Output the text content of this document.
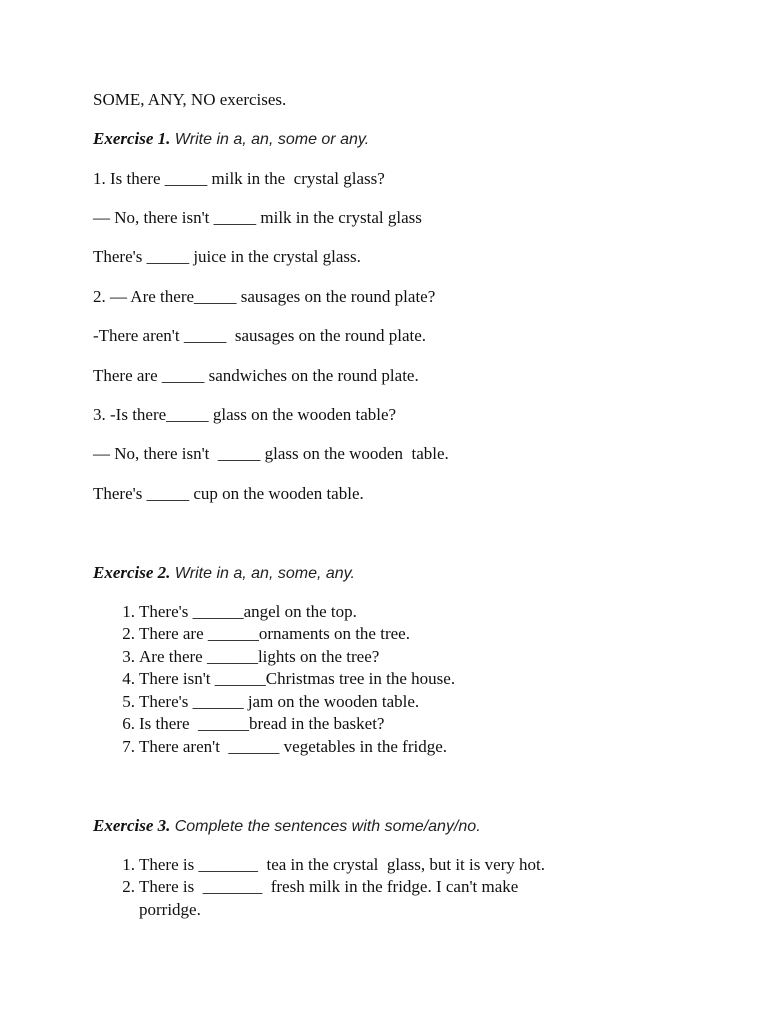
SOME, ANY, NO exercises.
Exercise 1. Write in a, an, some or any.
1. Is there _____ milk in the  crystal glass?
— No, there isn't _____ milk in the crystal glass
There's _____ juice in the crystal glass.
2. — Are there_____ sausages on the round plate?
-There aren't _____  sausages on the round plate.
There are _____ sandwiches on the round plate.
3. -Is there_____ glass on the wooden table?
— No, there isn't  _____ glass on the wooden  table.
There's _____ cup on the wooden table.
Exercise 2. Write in a, an, some, any.
1. There's ______angel on the top.
2. There are ______ornaments on the tree.
3. Are there ______lights on the tree?
4. There isn't ______Christmas tree in the house.
5. There's ______ jam on the wooden table.
6. Is there  ______bread in the basket?
7. There aren't  ______ vegetables in the fridge.
Exercise 3. Complete the sentences with some/any/no.
1. There is _______  tea in the crystal  glass, but it is very hot.
2. There is  _______  fresh milk in the fridge. I can't make
porridge.
